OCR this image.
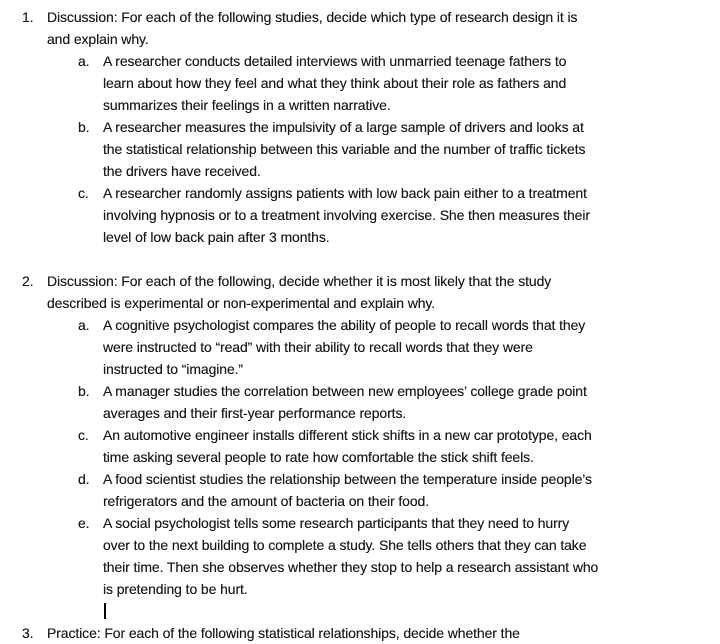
1. Discussion: For each of the following studies, decide which type of research design it is
and explain why.
a. A researcher conducts detailed interviews with unmarried teenage fathers to
learn about how they feel and what they think about their role as fathers and
summarizes their feelings in a written narrative.
b. A researcher measures the impulsivity of a large sample of drivers and looks at
the statistical relationship between this variable and the number of traffic tickets
the drivers have received.
c.	A researcher randomly assigns patients with low back pain either to a treatment
involving hypnosis or to a treatment involving exercise. She then measures their
level of low back pain after 3 months.
2. Discussion: For each of the following, decide whether it is most likely that the study
described is experimental or non-experimental and explain why.
a. A cognitive psychologist compares the ability of people to recall words that they
were instructed to “read” with their ability to recall words that they were
instructed to “imagine.”
b. A manager studies the correlation between new employees’ college grade point
averages and their first-year performance reports.
c.	An automotive engineer installs different stick shifts in a new car prototype, each
time asking several people to rate how comfortable the stick shift feels.
d. A food scientist studies the relationship between the temperature inside people’s
refrigerators and the amount of bacteria on their food.
e. A social psychologist tells some research participants that they need to hurry
over to the next building to complete a study. She tells others that they can take
their time. Then she observes whether they stop to help a research assistant who
is pretending to be hurt.
3. Practice: For each of the following statistical relationships, decide whether the
